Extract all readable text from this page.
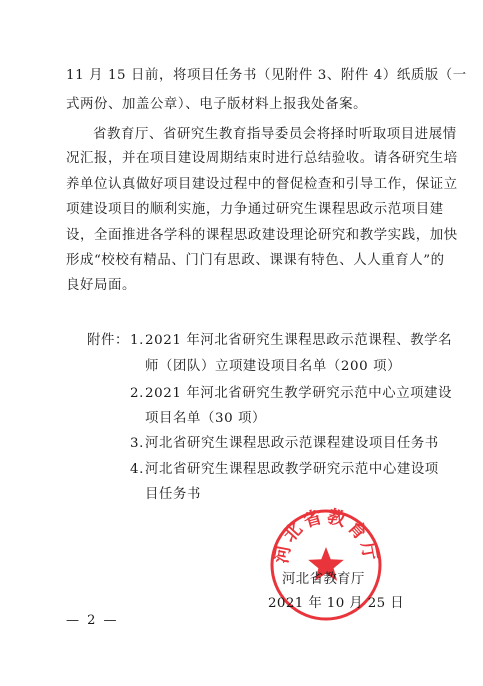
11 月 15 日前，将项目任务书（见附件 3、附件 4）纸质版（一
式两份、加盖公章）、电子版材料上报我处备案。
省教育厅、省研究生教育指导委员会将择时听取项目进展情
况汇报，并在项目建设周期结束时进行总结验收。请各研究生培
养单位认真做好项目建设过程中的督促检查和引导工作，保证立
项建设项目的顺利实施，力争通过研究生课程思政示范项目建
设，全面推进各学科的课程思政建设理论研究和教学实践，加快
形成“校校有精品、门门有思政、课课有特色、人人重育人”的
良好局面。
附件： 1. 2021 年河北省研究生课程思政示范课程、教学名
师（团队）立项建设项目名单（200 项）
2. 2021 年河北省研究生教学研究示范中心立项建设
项目名单（30 项）
3. 河北省研究生课程思政示范课程建设项目任务书
4. 河北省研究生课程思政教学研究示范中心建设项
目任务书
河北省教育厅
河北省教育厅
2021 年 10 月 25 日
— 2 —
